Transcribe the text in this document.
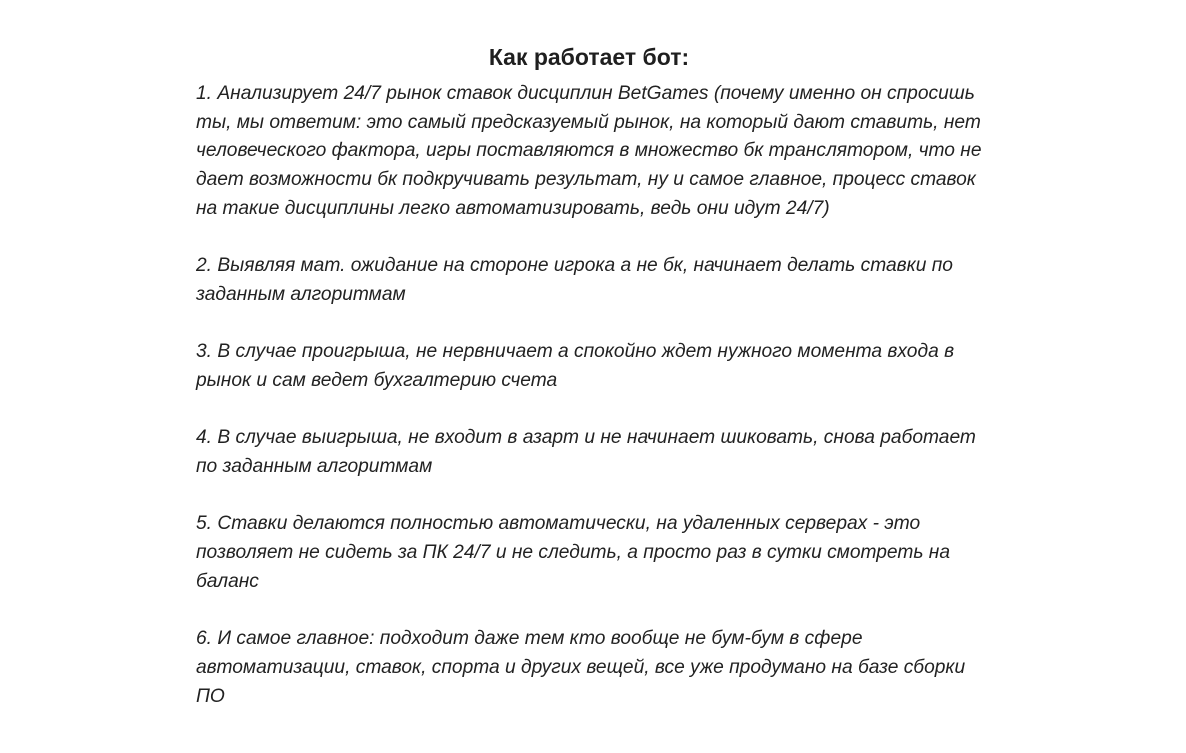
Как работает бот:

1. Анализирует 24/7 рынок ставок дисциплин BetGames (почему именно он спросишь ты, мы ответим: это самый предсказуемый рынок, на который дают ставить, нет человеческого фактора, игры поставляются в множество бк транслятором, что не дает возможности бк подкручивать результат, ну и самое главное, процесс ставок на такие дисциплины легко автоматизировать, ведь они идут 24/7)

2. Выявляя мат. ожидание на стороне игрока а не бк, начинает делать ставки по заданным алгоритмам

3. В случае проигрыша, не нервничает а спокойно ждет нужного момента входа в рынок и сам ведет бухгалтерию счета

4. В случае выигрыша, не входит в азарт и не начинает шиковать, снова работает по заданным алгоритмам

5. Ставки делаются полностью автоматически, на удаленных серверах - это позволяет не сидеть за ПК 24/7 и не следить, а просто раз в сутки смотреть на баланс

6. И самое главное: подходит даже тем кто вообще не бум-бум в сфере автоматизации, ставок, спорта и других вещей, все уже продумано на базе сборки ПО
